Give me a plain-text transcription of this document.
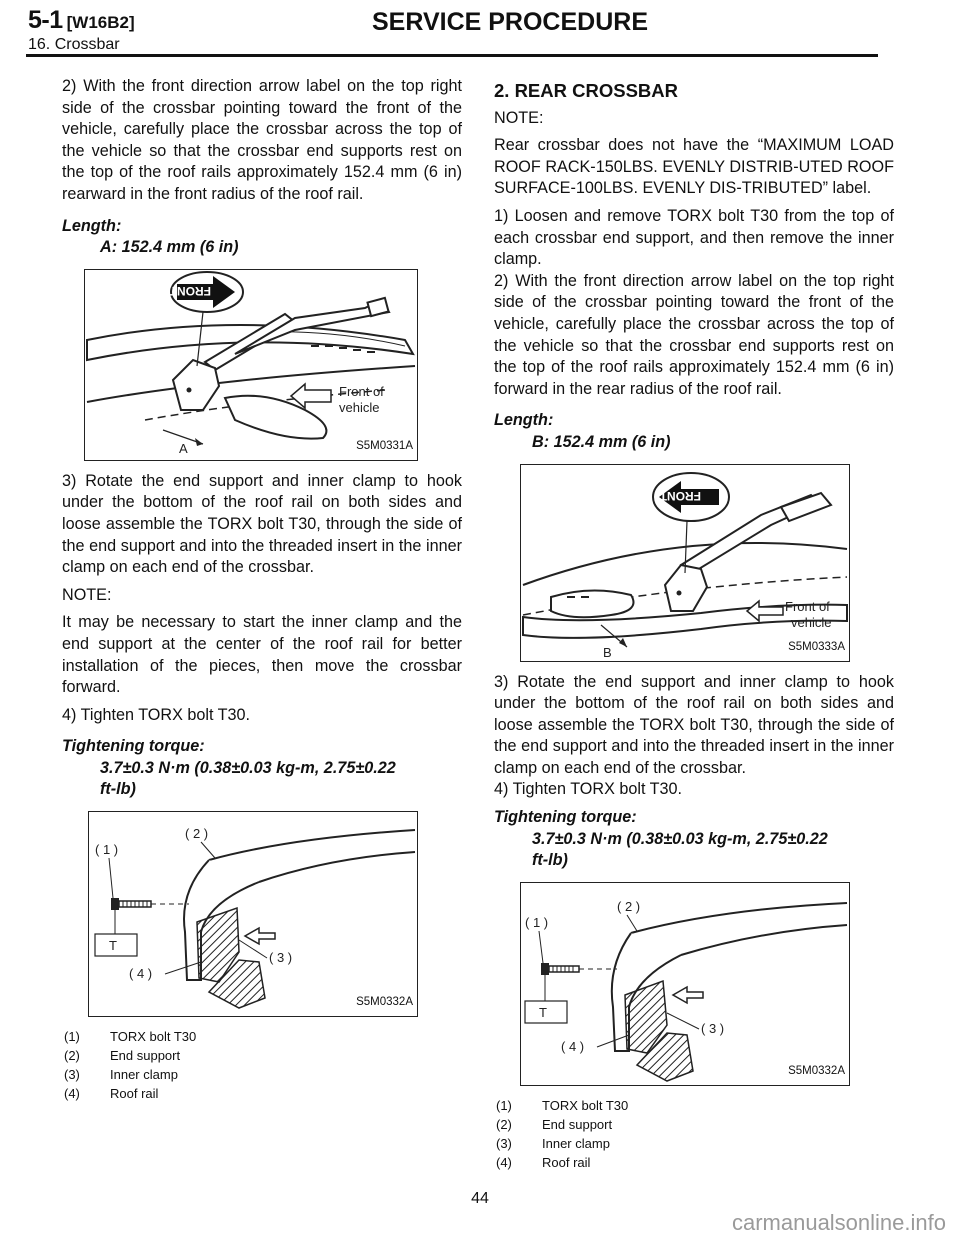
5-1 [W16B2]
16. Crossbar
SERVICE PROCEDURE

2) With the front direction arrow label on the top right side of the crossbar pointing toward the front of the vehicle, carefully place the crossbar across the top of the vehicle so that the crossbar end supports rest on the top of the roof rails approximately 152.4 mm (6 in) rearward in the front radius of the roof rail.

Length:
A: 152.4 mm (6 in)
FRONT
Front of
vehicle
A	S5M0331A

3) Rotate the end support and inner clamp to hook under the bottom of the roof rail on both sides and loose assemble the TORX bolt T30, through the side of the end support and into the threaded insert in the inner clamp on each end of the crossbar.

NOTE:

It may be necessary to start the inner clamp and the end support at the center of the roof rail for better installation of the pieces, then move the crossbar forward.

4) Tighten TORX bolt T30.

Tightening torque:
3.7±0.3 N·m (0.38±0.03 kg-m, 2.75±0.22
ft-lb)
( 1 )
( 2 )
( 3 )
( 4 )
T
S5M0332A
(1)	TORX bolt T30
(2)	End support
(3)	Inner clamp
(4)	Roof rail
2. REAR CROSSBAR

NOTE:

Rear crossbar does not have the “MAXIMUM LOAD ROOF RACK-150LBS. EVENLY DISTRIB-UTED ROOF SURFACE-100LBS. EVENLY DIS-TRIBUTED” label.

1) Loosen and remove TORX bolt T30 from the top of each crossbar end support, and then remove the inner clamp.

2) With the front direction arrow label on the top right side of the crossbar pointing toward the front of the vehicle, carefully place the crossbar across the top of the vehicle so that the crossbar end supports rest on the top of the roof rails approximately 152.4 mm (6 in) forward in the rear radius of the roof rail.

Length:
B: 152.4 mm (6 in)
FRONT
Front of
vehicle
B	S5M0333A

3) Rotate the end support and inner clamp to hook under the bottom of the roof rail on both sides and loose assemble the TORX bolt T30, through the side of the end support and into the threaded insert in the inner clamp on each end of the crossbar.

4) Tighten TORX bolt T30.

Tightening torque:
3.7±0.3 N·m (0.38±0.03 kg-m, 2.75±0.22
ft-lb)
( 1 )
( 2 )
( 3 )
( 4 )
T
S5M0332A
(1)	TORX bolt T30
(2)	End support
(3)	Inner clamp
(4)	Roof rail
44
carmanualsonline.info
